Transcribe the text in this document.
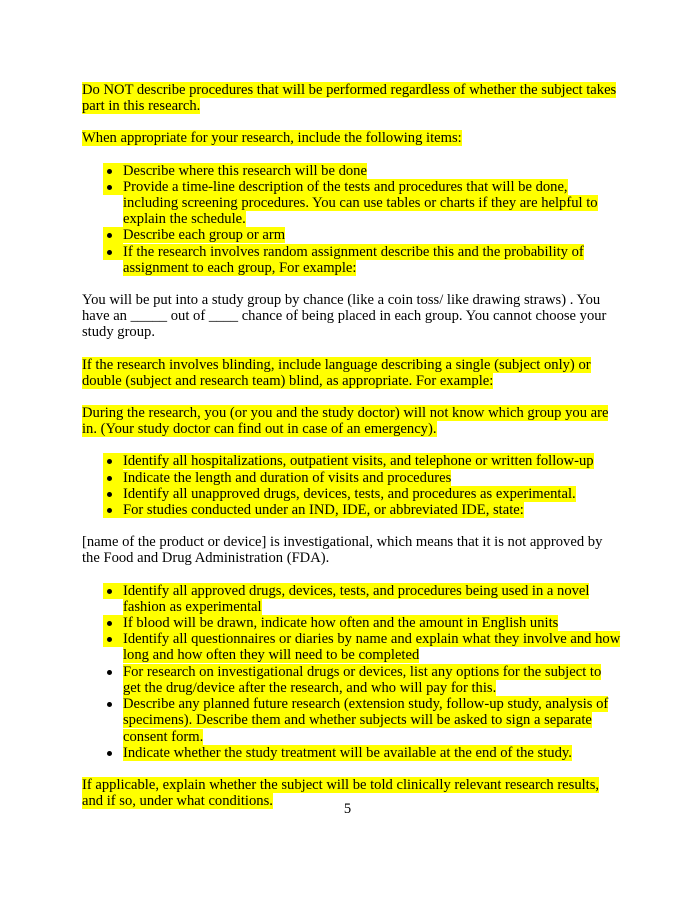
Do NOT describe procedures that will be performed regardless of whether the subject takes part in this research.

When appropriate for your research, include the following items:

Describe where this research will be done
Provide a time-line description of the tests and procedures that will be done, including screening procedures. You can use tables or charts if they are helpful to explain the schedule.
Describe each group or arm
If the research involves random assignment describe this and the probability of assignment to each group, For example:

You will be put into a study group by chance (like a coin toss/ like drawing straws) . You have an _____ out of ____ chance of being placed in each group. You cannot choose your study group.

If the research involves blinding, include language describing a single (subject only) or double (subject and research team) blind, as appropriate. For example:

During the research, you (or you and the study doctor) will not know which group you are in. (Your study doctor can find out in case of an emergency).

Identify all hospitalizations, outpatient visits, and telephone or written follow-up
Indicate the length and duration of visits and procedures
Identify all unapproved drugs, devices, tests, and procedures as experimental.
For studies conducted under an IND, IDE, or abbreviated IDE, state:

[name of the product or device] is investigational, which means that it is not approved by the Food and Drug Administration (FDA).

Identify all approved drugs, devices, tests, and procedures being used in a novel fashion as experimental
If blood will be drawn, indicate how often and the amount in English units
Identify all questionnaires or diaries by name and explain what they involve and how long and how often they will need to be completed
For research on investigational drugs or devices, list any options for the subject to get the drug/device after the research, and who will pay for this.
Describe any planned future research (extension study, follow-up study, analysis of specimens). Describe them and whether subjects will be asked to sign a separate consent form.
Indicate whether the study treatment will be available at the end of the study.

If applicable, explain whether the subject will be told clinically relevant research results, and if so, under what conditions.	5
